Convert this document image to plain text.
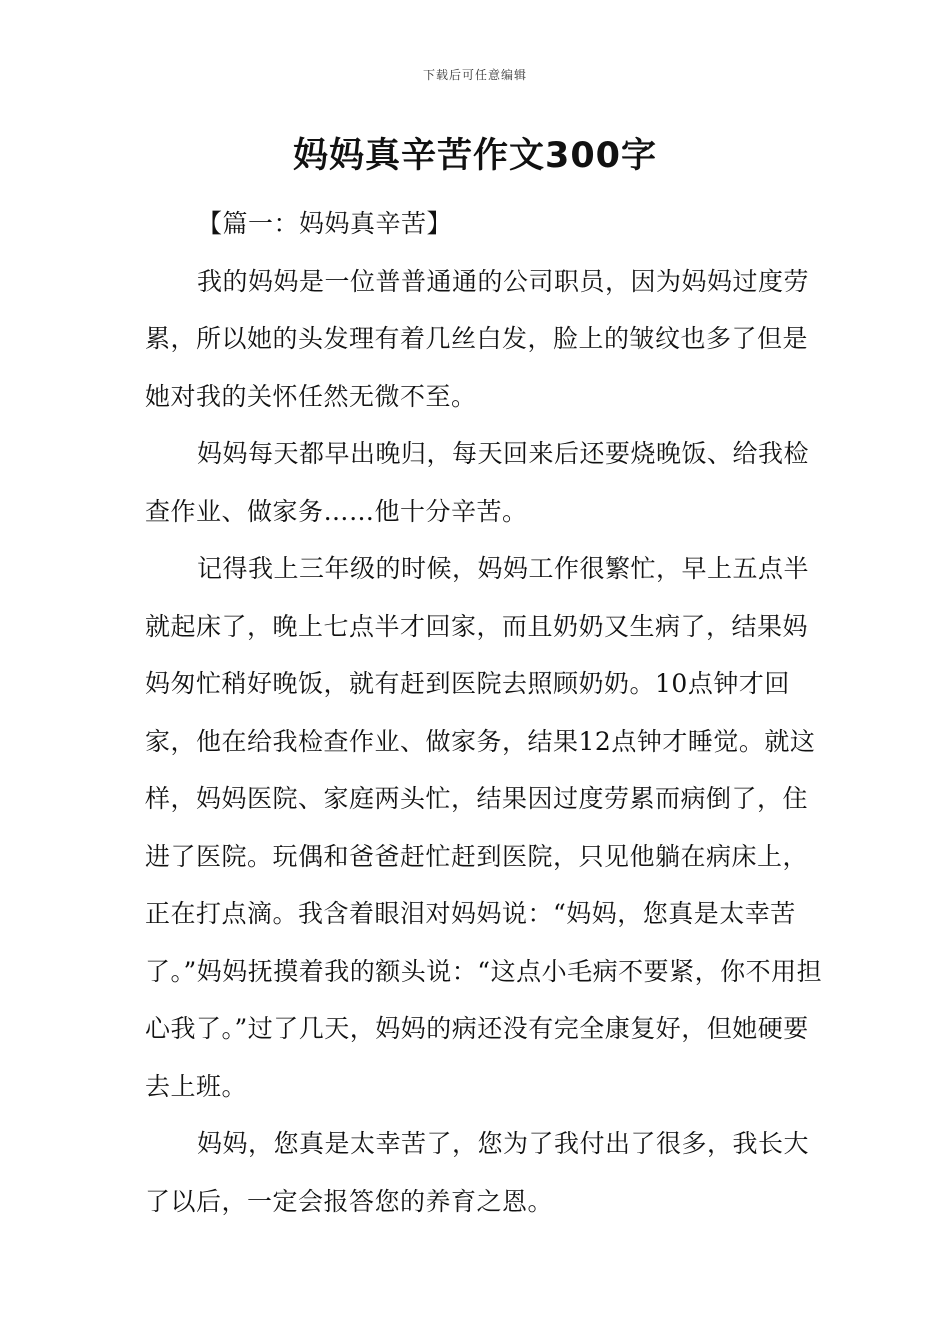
下载后可任意编辑
妈妈真辛苦作文300字

【篇一：妈妈真辛苦】

我的妈妈是一位普普通通的公司职员，因为妈妈过度劳累，所以她的头发理有着几丝白发，脸上的皱纹也多了但是她对我的关怀任然无微不至。

妈妈每天都早出晚归，每天回来后还要烧晚饭、给我检查作业、做家务……他十分辛苦。

记得我上三年级的时候，妈妈工作很繁忙，早上五点半就起床了，晚上七点半才回家，而且奶奶又生病了，结果妈妈匆忙稍好晚饭，就有赶到医院去照顾奶奶。10点钟才回家，他在给我检查作业、做家务，结果12点钟才睡觉。就这样，妈妈医院、家庭两头忙，结果因过度劳累而病倒了，住进了医院。玩偶和爸爸赶忙赶到医院，只见他躺在病床上，正在打点滴。我含着眼泪对妈妈说：“妈妈，您真是太幸苦了。”妈妈抚摸着我的额头说：“这点小毛病不要紧，你不用担心我了。”过了几天，妈妈的病还没有完全康复好，但她硬要去上班。

妈妈，您真是太幸苦了，您为了我付出了很多，我长大了以后，一定会报答您的养育之恩。
